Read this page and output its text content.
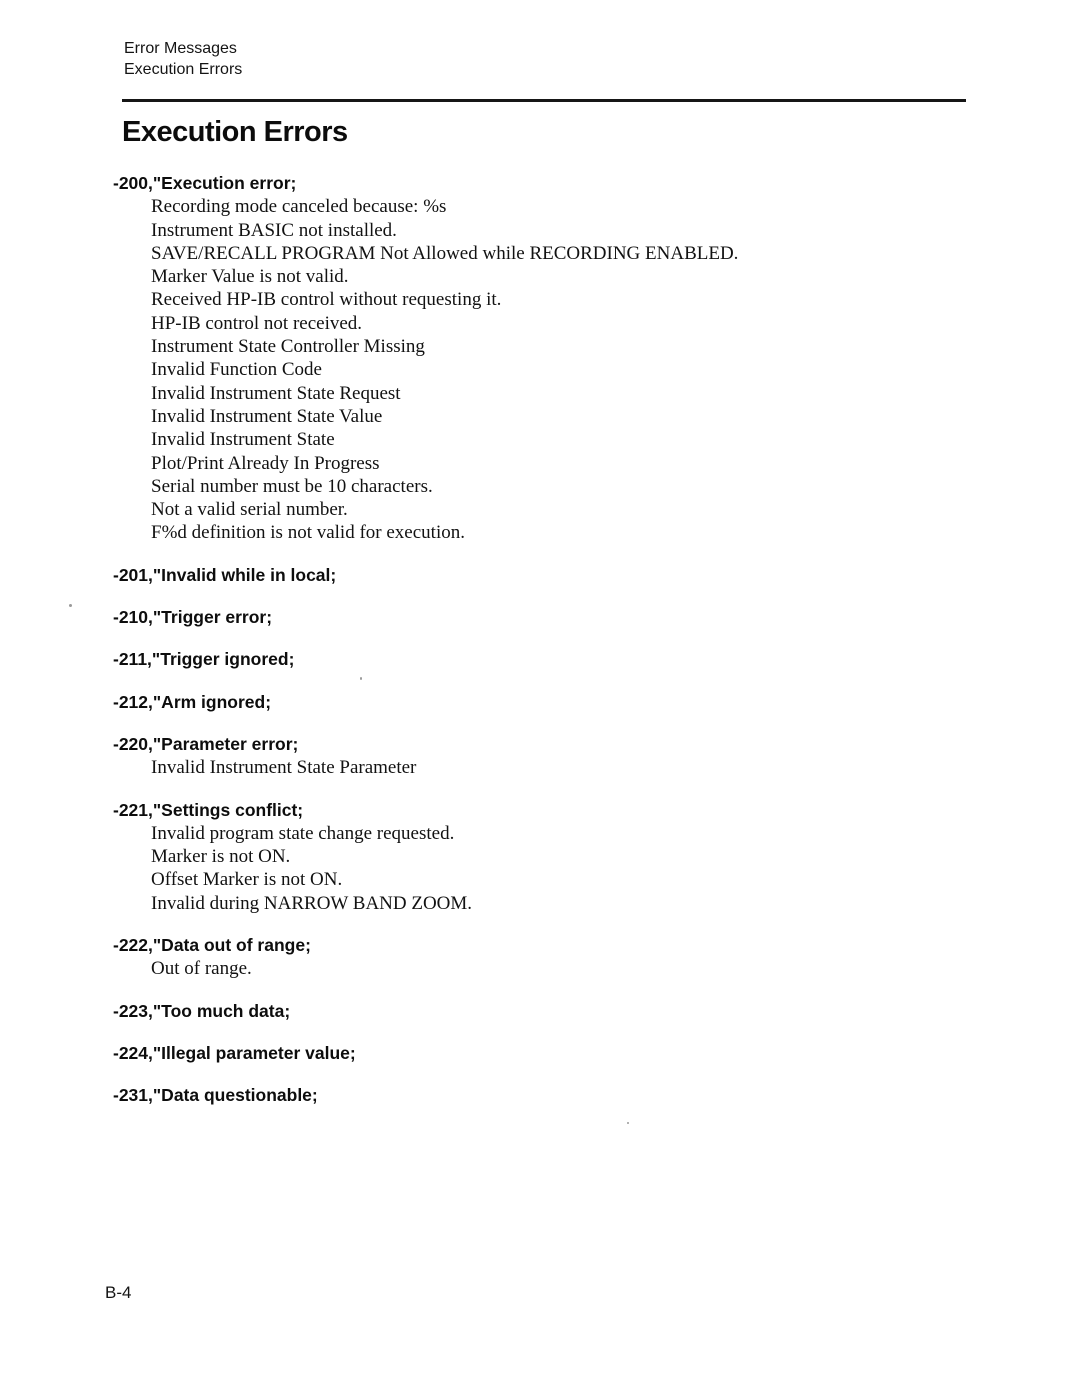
Error Messages
Execution Errors
Execution Errors
-200,"Execution error;
Recording mode canceled because: %s
Instrument BASIC not installed.
SAVE/RECALL PROGRAM Not Allowed while RECORDING ENABLED.
Marker Value is not valid.
Received HP-IB control without requesting it.
HP-IB control not received.
Instrument State Controller Missing
Invalid Function Code
Invalid Instrument State Request
Invalid Instrument State Value
Invalid Instrument State
Plot/Print Already In Progress
Serial number must be 10 characters.
Not a valid serial number.
F%d definition is not valid for execution.
-201,"Invalid while in local;
-210,"Trigger error;
-211,"Trigger ignored;
-212,"Arm ignored;
-220,"Parameter error;
Invalid Instrument State Parameter
-221,"Settings conflict;
Invalid program state change requested.
Marker is not ON.
Offset Marker is not ON.
Invalid during NARROW BAND ZOOM.
-222,"Data out of range;
Out of range.
-223,"Too much data;
-224,"Illegal parameter value;
-231,"Data questionable;
B-4
